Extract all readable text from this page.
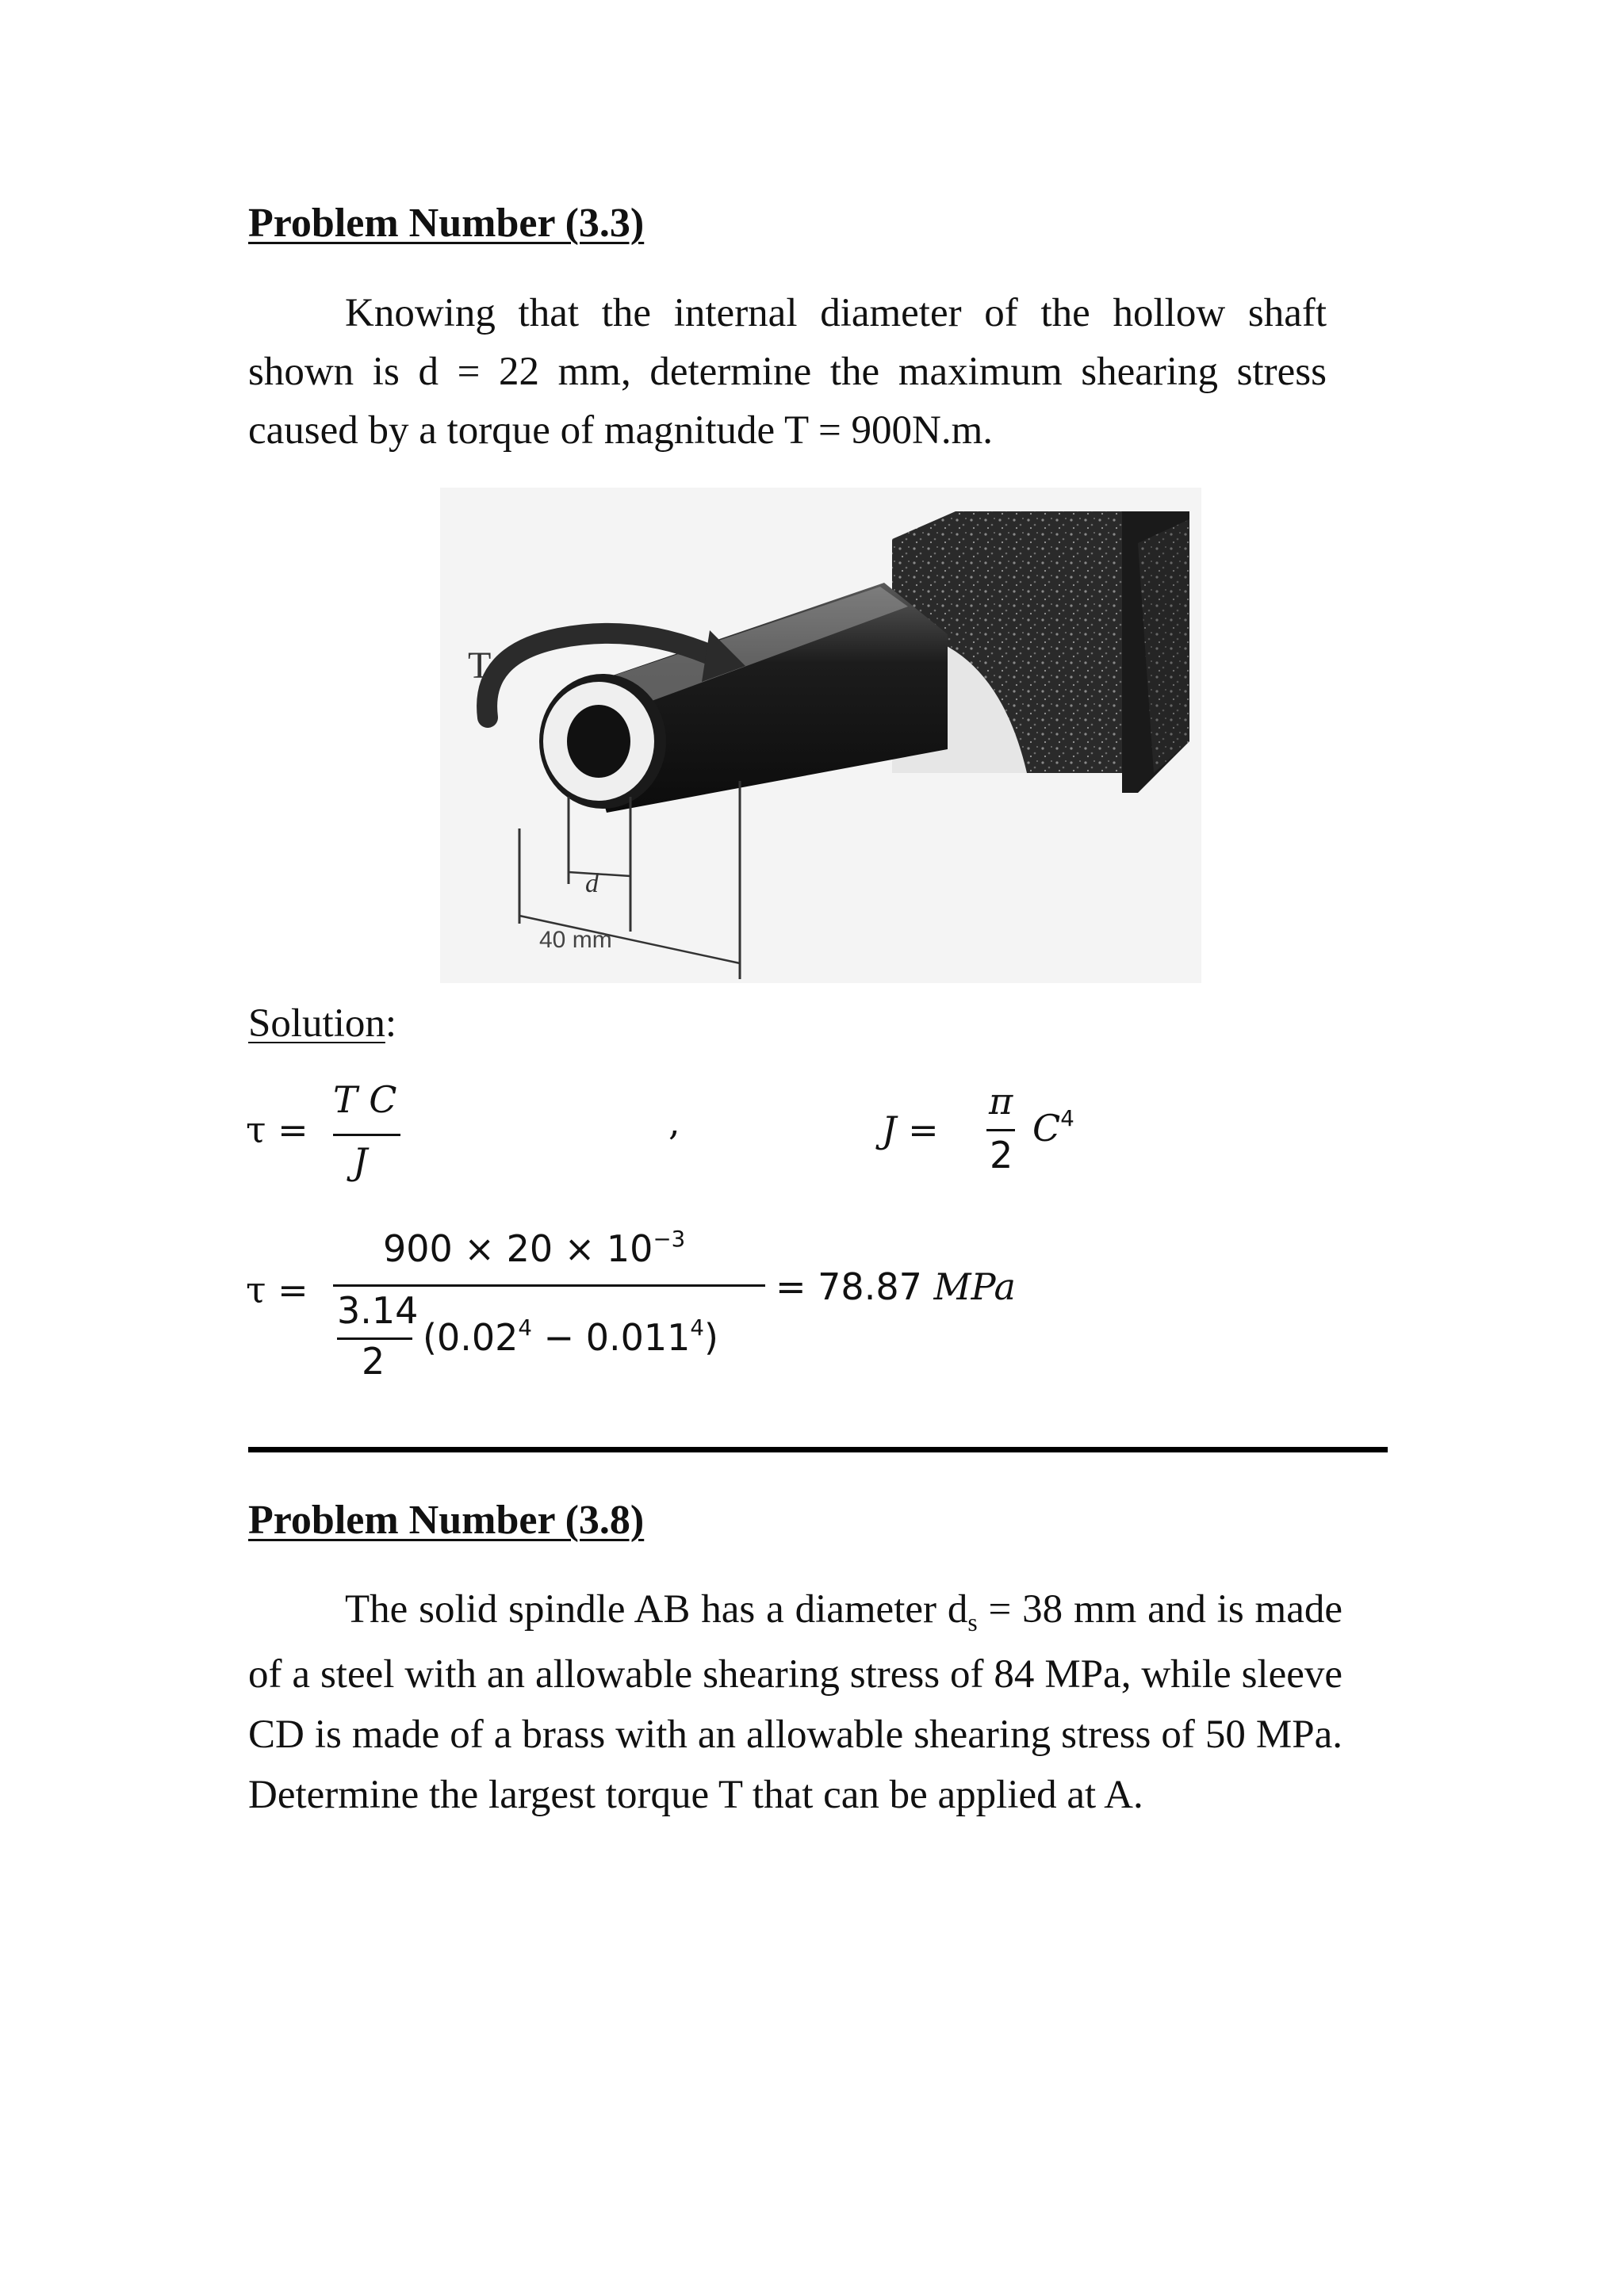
Problem Number (3.3)
Knowing that the internal diameter of the hollow shaft shown is d = 22 mm, determine the maximum shearing stress caused by a torque of magnitude T = 900N.m.
T
d
40 mm
Solution:
τ =
T C
J
,	J =
π
2
$C^4$
τ =
$900 \times 20 \times 10^{-3}$
3.14
2
$(0.02^4 - 0.011^4)$
= 78.87 MPa
Problem Number (3.8)
The solid spindle AB has a diameter $d_s = 38$ mm and is made of a steel with an allowable shearing stress of 84 MPa, while sleeve CD is made of a brass with an allowable shearing stress of 50 MPa. Determine the largest torque T that can be applied at A.
